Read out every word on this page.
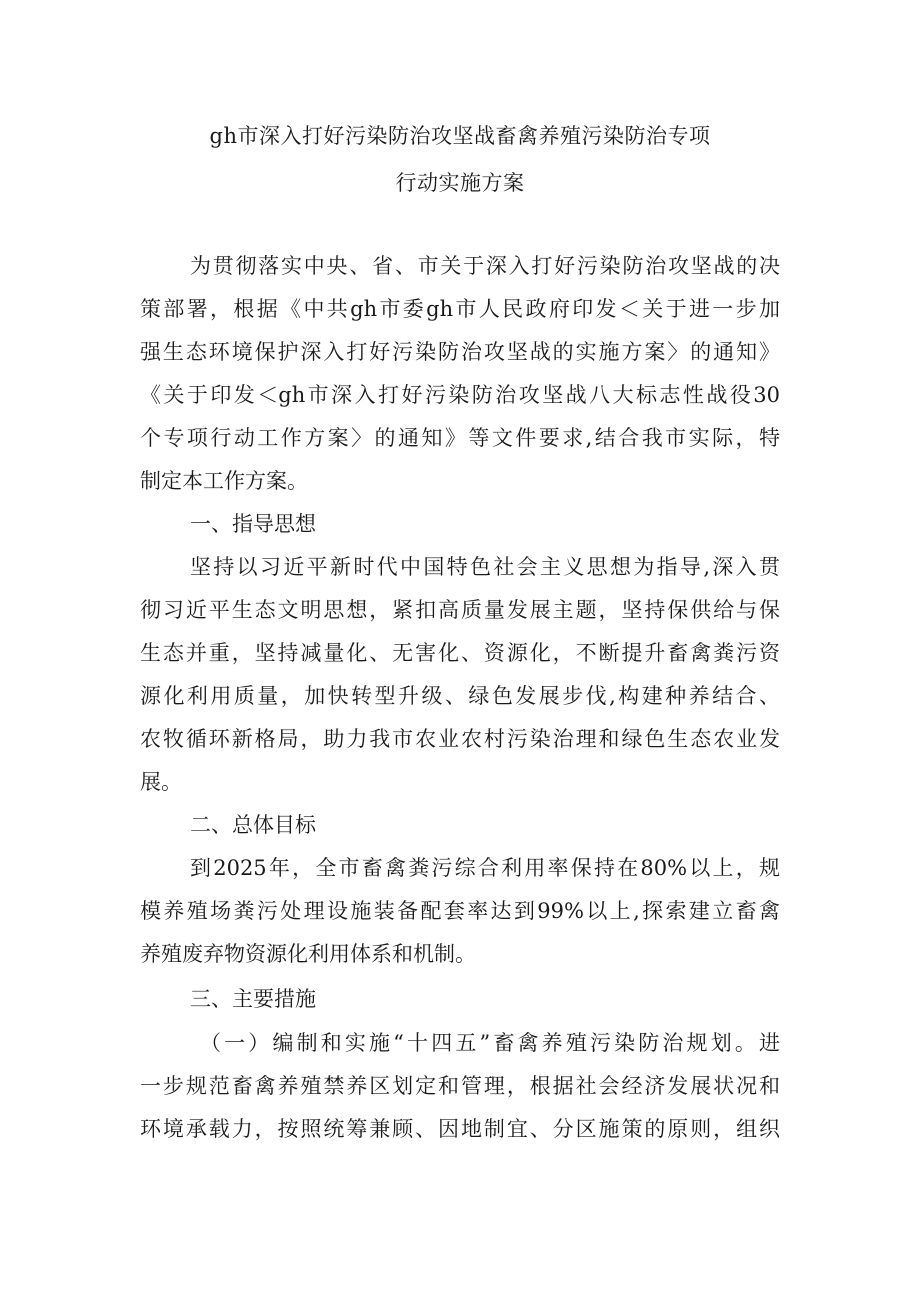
gh市深入打好污染防治攻坚战畜禽养殖污染防治专项
行动实施方案
为贯彻落实中央、省、市关于深入打好污染防治攻坚战的决
策部署，根据《中共gh市委gh市人民政府印发＜关于进一步加
强生态环境保护深入打好污染防治攻坚战的实施方案〉的通知》
《关于印发＜gh市深入打好污染防治攻坚战八大标志性战役30
个专项行动工作方案〉的通知》等文件要求,结合我市实际，特
制定本工作方案。
一、指导思想
坚持以习近平新时代中国特色社会主义思想为指导,深入贯
彻习近平生态文明思想，紧扣高质量发展主题，坚持保供给与保
生态并重，坚持减量化、无害化、资源化，不断提升畜禽粪污资
源化利用质量，加快转型升级、绿色发展步伐,构建种养结合、
农牧循环新格局，助力我市农业农村污染治理和绿色生态农业发
展。
二、总体目标
到2025年，全市畜禽粪污综合利用率保持在80%以上，规
模养殖场粪污处理设施装备配套率达到99%以上,探索建立畜禽
养殖废弃物资源化利用体系和机制。
三、主要措施
（一）编制和实施“十四五”畜禽养殖污染防治规划。进
一步规范畜禽养殖禁养区划定和管理，根据社会经济发展状况和
环境承载力，按照统筹兼顾、因地制宜、分区施策的原则，组织
